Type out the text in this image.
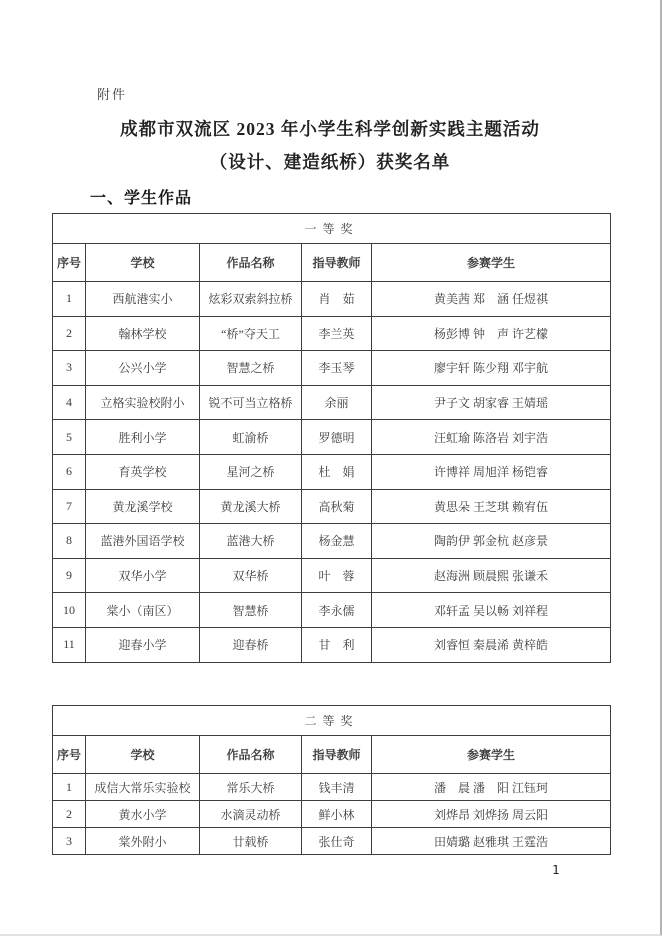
附件
成都市双流区 2023 年小学生科学创新实践主题活动
（设计、建造纸桥）获奖名单
一、学生作品
一等奖				
序号	学校	作品名称	指导教师	参赛学生
1	西航港实小	炫彩双索斜拉桥	肖　茹	黄美茜 郑　涵 任煜祺
2	翰林学校	“桥”夺天工	李兰英	杨彭博 钟　声 许艺檬
3	公兴小学	智慧之桥	李玉琴	廖宇轩 陈少翔 邓宇航
4	立格实验校附小	锐不可当立格桥	余丽	尹子文 胡家睿 王婧瑶
5	胜利小学	虹渝桥	罗德明	汪虹瑜 陈洛岩 刘宇浩
6	育英学校	星河之桥	杜　娟	许博祥 周旭洋 杨铠睿
7	黄龙溪学校	黄龙溪大桥	高秋菊	黄思朵 王芝琪 赖宥伍
8	蓝港外国语学校	蓝港大桥	杨金慧	陶韵伊 郭金杭 赵彦景
9	双华小学	双华桥	叶　蓉	赵海洲 顾晨熙 张谦禾
10	棠小（南区）	智慧桥	李永儒	邓轩孟 吴以畅 刘祥程
11	迎春小学	迎春桥	甘　利	刘睿恒 秦晨浠 黄梓皓
二等奖				
序号	学校	作品名称	指导教师	参赛学生
1	成信大常乐实验校	常乐大桥	钱丰清	潘　晨 潘　阳 江钰珂
2	黄水小学	水滴灵动桥	鲜小林	刘烨昂 刘烨扬 周云阳
3	棠外附小	廿载桥	张仕奇	田婧璐 赵雅琪 王霆浩
1
